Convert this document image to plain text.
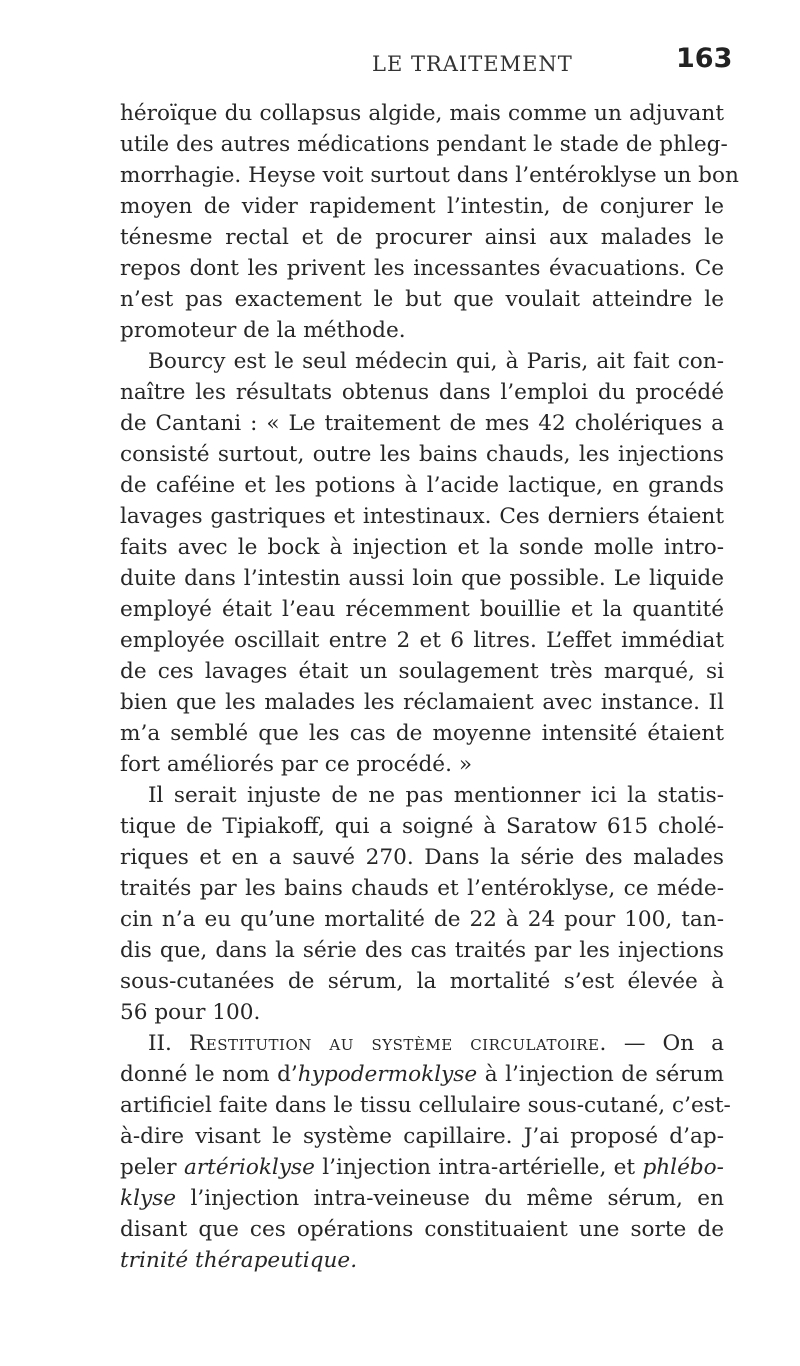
LE TRAITEMENT	163
héroïque du collapsus algide, mais comme un adjuvant
utile des autres médications pendant le stade de phleg-
morrhagie. Heyse voit surtout dans l’entéroklyse un bon
moyen de vider rapidement l’intestin, de conjurer le
ténesme rectal et de procurer ainsi aux malades le
repos dont les privent les incessantes évacuations. Ce
n’est pas exactement le but que voulait atteindre le
promoteur de la méthode.
Bourcy est le seul médecin qui, à Paris, ait fait con-
naître les résultats obtenus dans l’emploi du procédé
de Cantani : « Le traitement de mes 42 cholériques a
consisté surtout, outre les bains chauds, les injections
de caféine et les potions à l’acide lactique, en grands
lavages gastriques et intestinaux. Ces derniers étaient
faits avec le bock à injection et la sonde molle intro-
duite dans l’intestin aussi loin que possible. Le liquide
employé était l’eau récemment bouillie et la quantité
employée oscillait entre 2 et 6 litres. L’effet immédiat
de ces lavages était un soulagement très marqué, si
bien que les malades les réclamaient avec instance. Il
m’a semblé que les cas de moyenne intensité étaient
fort améliorés par ce procédé. »
Il serait injuste de ne pas mentionner ici la statis-
tique de Tipiakoff, qui a soigné à Saratow 615 cholé-
riques et en a sauvé 270. Dans la série des malades
traités par les bains chauds et l’entéroklyse, ce méde-
cin n’a eu qu’une mortalité de 22 à 24 pour 100, tan-
dis que, dans la série des cas traités par les injections
sous-cutanées de sérum, la mortalité s’est élevée à
56 pour 100.
II. Restitution au système circulatoire. — On a
donné le nom d’hypodermoklyse à l’injection de sérum
artificiel faite dans le tissu cellulaire sous-cutané, c’est-
à-dire visant le système capillaire. J’ai proposé d’ap-
peler artérioklyse l’injection intra-artérielle, et phlébo-
klyse l’injection intra-veineuse du même sérum, en
disant que ces opérations constituaient une sorte de
trinité thérapeutique.
